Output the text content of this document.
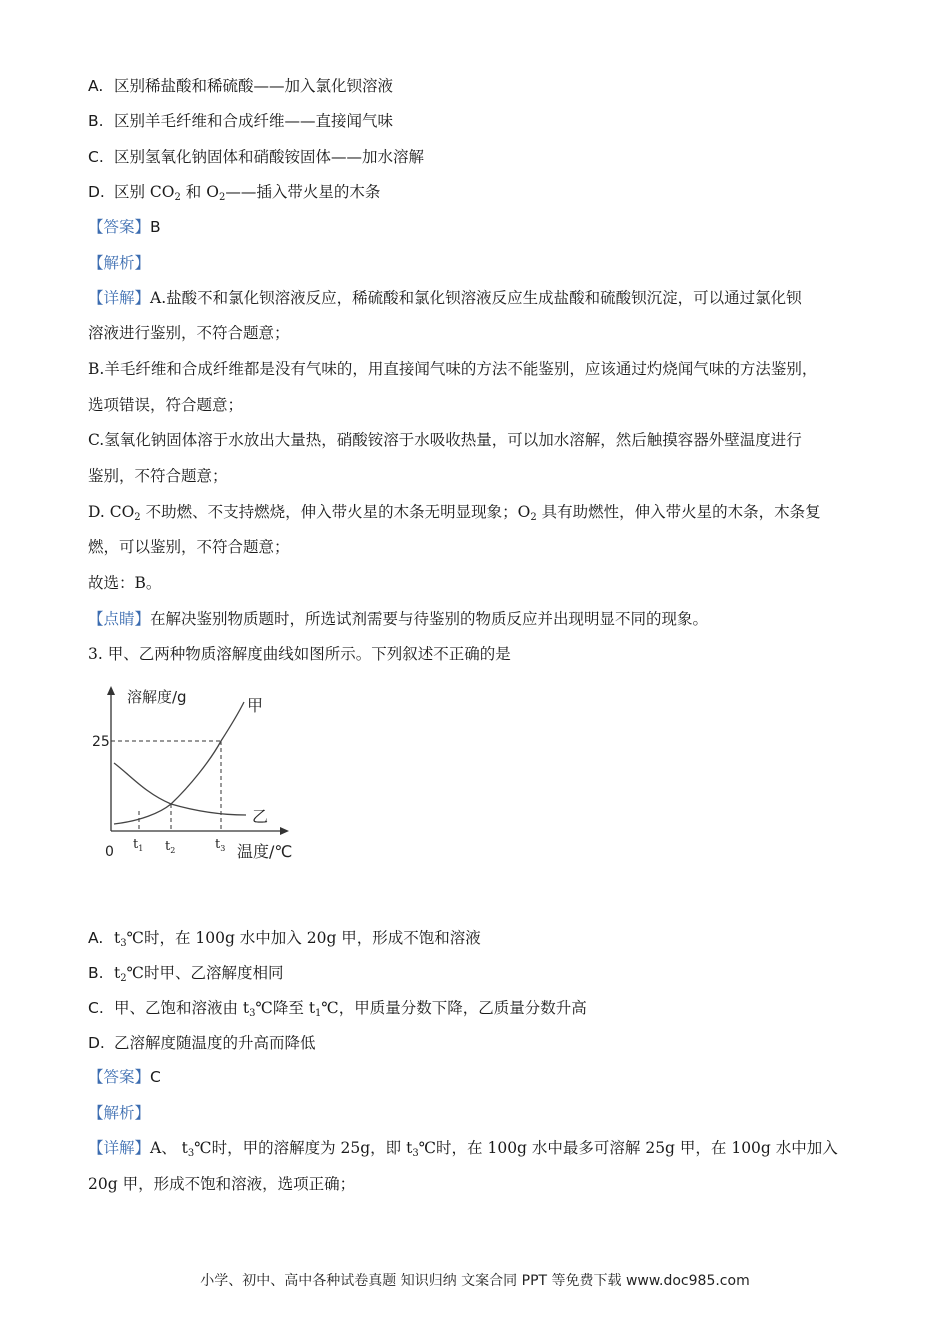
A. 区别稀盐酸和稀硫酸——加入氯化钡溶液
B. 区别羊毛纤维和合成纤维——直接闻气味
C. 区别氢氧化钠固体和硝酸铵固体——加水溶解
D. 区别 $CO_2$ 和 $O_2——$插入带火星的木条
【答案】B
【解析】
【详解】A.盐酸不和氯化钡溶液反应，稀硫酸和氯化钡溶液反应生成盐酸和硫酸钡沉淀，可以通过氯化钡
溶液进行鉴别，不符合题意；
B.羊毛纤维和合成纤维都是没有气味的，用直接闻气味的方法不能鉴别，应该通过灼烧闻气味的方法鉴别，
选项错误，符合题意；
C.氢氧化钠固体溶于水放出大量热，硝酸铵溶于水吸收热量，可以加水溶解，然后触摸容器外壁温度进行
鉴别，不符合题意；
D. $CO_2$ 不助燃、不支持燃烧，伸入带火星的木条无明显现象；$O_2$ 具有助燃性，伸入带火星的木条，木条复
燃，可以鉴别，不符合题意；
故选：B。
【点睛】在解决鉴别物质题时，所选试剂需要与待鉴别的物质反应并出现明显不同的现象。
3. 甲、乙两种物质溶解度曲线如图所示。下列叙述不正确的是
溶解度/g
25
0 $t_1$ $t_2$	$t_3$ 温度/℃
甲
乙
A. $t_3℃$时，在 100g 水中加入 20g 甲，形成不饱和溶液
B. $t_2℃$时甲、乙溶解度相同
C. 甲、乙饱和溶液由 $t_3℃$降至 $t_1℃$，甲质量分数下降，乙质量分数升高
D. 乙溶解度随温度的升高而降低
【答案】C
【解析】
【详解】A、 $t_3℃$时，甲的溶解度为 25g，即 $t_3℃$时，在 100g 水中最多可溶解 25g 甲，在 100g 水中加入
20g 甲，形成不饱和溶液，选项正确；
小学、初中、高中各种试卷真题 知识归纳 文案合同 PPT 等免费下载 www.doc985.com
